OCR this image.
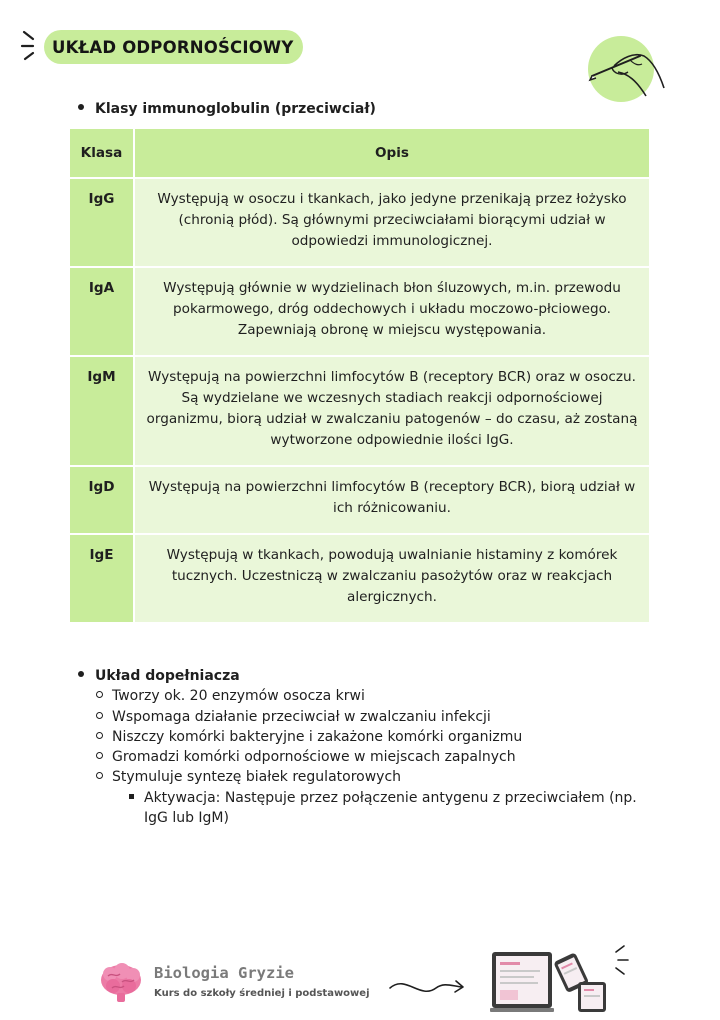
UKŁAD ODPORNOŚCIOWY
Klasy immunoglobulin (przeciwciał)
Klasa	Opis
IgG	Występują w osoczu i tkankach, jako jedyne przenikają przez łożysko (chronią płód). Są głównymi przeciwciałami biorącymi udział w odpowiedzi immunologicznej.
IgA	Występują głównie w wydzielinach błon śluzowych, m.in. przewodu pokarmowego, dróg oddechowych i układu moczowo-płciowego. Zapewniają obronę w miejscu występowania.
IgM	Występują na powierzchni limfocytów B (receptory BCR) oraz w osoczu. Są wydzielane we wczesnych stadiach reakcji odpornościowej organizmu, biorą udział w zwalczaniu patogenów – do czasu, aż zostaną wytworzone odpowiednie ilości IgG.
IgD	Występują na powierzchni limfocytów B (receptory BCR), biorą udział w ich różnicowaniu.
IgE	Występują w tkankach, powodują uwalnianie histaminy z komórek tucznych. Uczestniczą w zwalczaniu pasożytów oraz w reakcjach alergicznych.
Układ dopełniacza
Tworzy ok. 20 enzymów osocza krwi
Wspomaga działanie przeciwciał w zwalczaniu infekcji
Niszczy komórki bakteryjne i zakażone komórki organizmu
Gromadzi komórki odpornościowe w miejscach zapalnych
Stymuluje syntezę białek regulatorowych
Aktywacja: Następuje przez połączenie antygenu z przeciwciałem (np.
IgG lub IgM)
Biologia Gryzie
Kurs do szkoły średniej i podstawowej
